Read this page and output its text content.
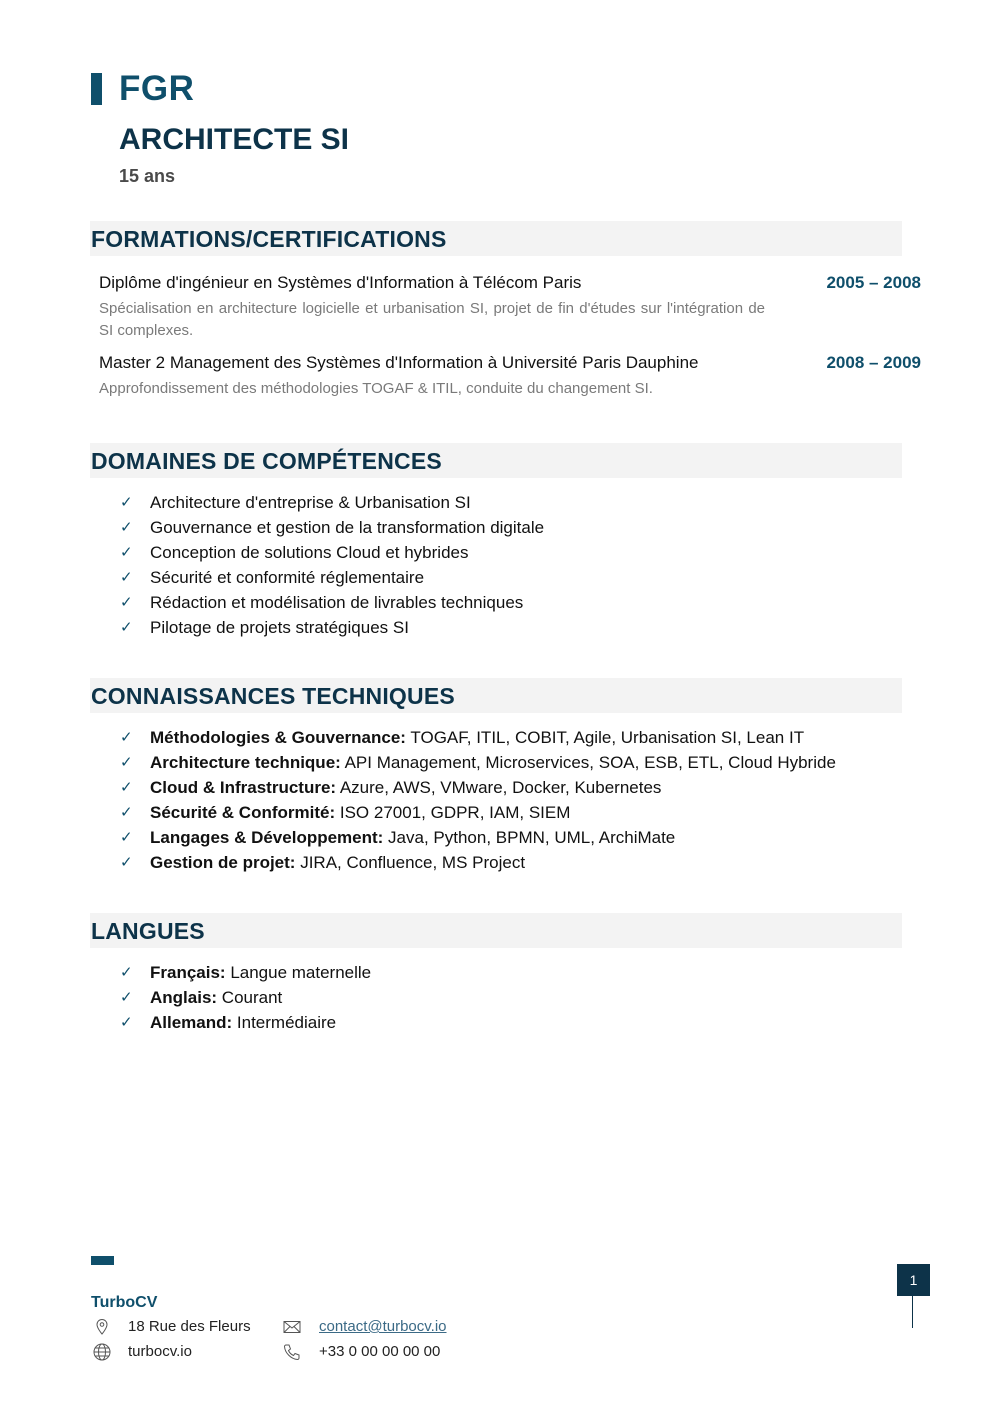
FGR
ARCHITECTE SI
15 ans
FORMATIONS/CERTIFICATIONS
Diplôme d'ingénieur en Systèmes d'Information à Télécom Paris	2005 – 2008
Spécialisation en architecture logicielle et urbanisation SI, projet de fin d'études sur l'intégration de SI complexes.
Master 2 Management des Systèmes d'Information à Université Paris Dauphine	2008 – 2009
Approfondissement des méthodologies TOGAF & ITIL, conduite du changement SI.
DOMAINES DE COMPÉTENCES
✓ Architecture d'entreprise & Urbanisation SI
✓ Gouvernance et gestion de la transformation digitale
✓ Conception de solutions Cloud et hybrides
✓ Sécurité et conformité réglementaire
✓ Rédaction et modélisation de livrables techniques
✓ Pilotage de projets stratégiques SI
CONNAISSANCES TECHNIQUES
✓ Méthodologies & Gouvernance: TOGAF, ITIL, COBIT, Agile, Urbanisation SI, Lean IT
✓ Architecture technique: API Management, Microservices, SOA, ESB, ETL, Cloud Hybride
✓ Cloud & Infrastructure: Azure, AWS, VMware, Docker, Kubernetes
✓ Sécurité & Conformité: ISO 27001, GDPR, IAM, SIEM
✓ Langages & Développement: Java, Python, BPMN, UML, ArchiMate
✓ Gestion de projet: JIRA, Confluence, MS Project
LANGUES
✓ Français: Langue maternelle
✓ Anglais: Courant
✓ Allemand: Intermédiaire
TurboCV
18 Rue des Fleurs
turbocv.io
contact@turbocv.io
+33 0 00 00 00 00
1
